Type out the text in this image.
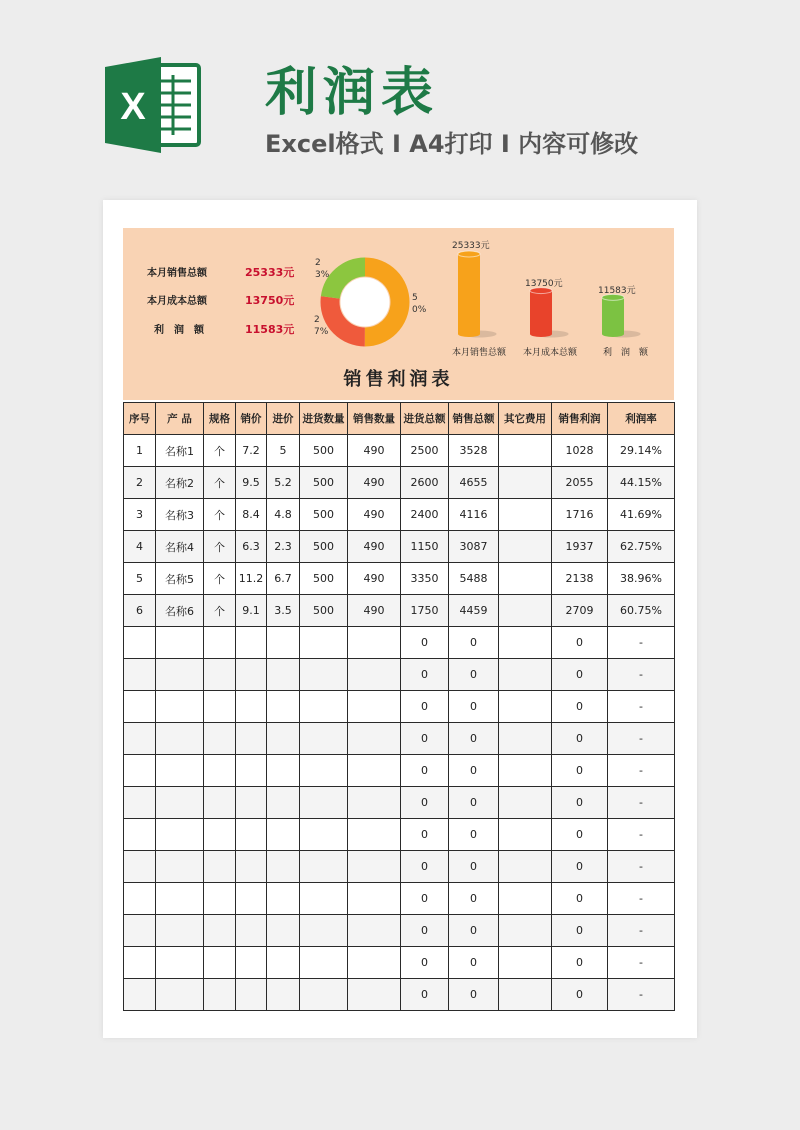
X 利润表
Excel格式 I A4打印 I 内容可修改
本月销售总额	25333元
本月成本总额	13750元
利　润　额	11583元
50%
27%
23%
25333元
13750元
11583元
本月销售总额 本月成本总额	利　润　额
销售利润表
序号	产 品	规格	销价	进价	进货数量	销售数量	进货总额	销售总额	其它费用	销售利润	利润率
1	名称1	个	7.2	5	500	490	2500	3528		1028	29.14%
2	名称2	个	9.5	5.2	500	490	2600	4655		2055	44.15%
3	名称3	个	8.4	4.8	500	490	2400	4116		1716	41.69%
4	名称4	个	6.3	2.3	500	490	1150	3087		1937	62.75%
5	名称5	个	11.2	6.7	500	490	3350	5488		2138	38.96%
6	名称6	个	9.1	3.5	500	490	1750	4459		2709	60.75%
							0	0		0	-
							0	0		0	-
							0	0		0	-
							0	0		0	-
							0	0		0	-
							0	0		0	-
							0	0		0	-
							0	0		0	-
							0	0		0	-
							0	0		0	-
							0	0		0	-
							0	0		0	-
